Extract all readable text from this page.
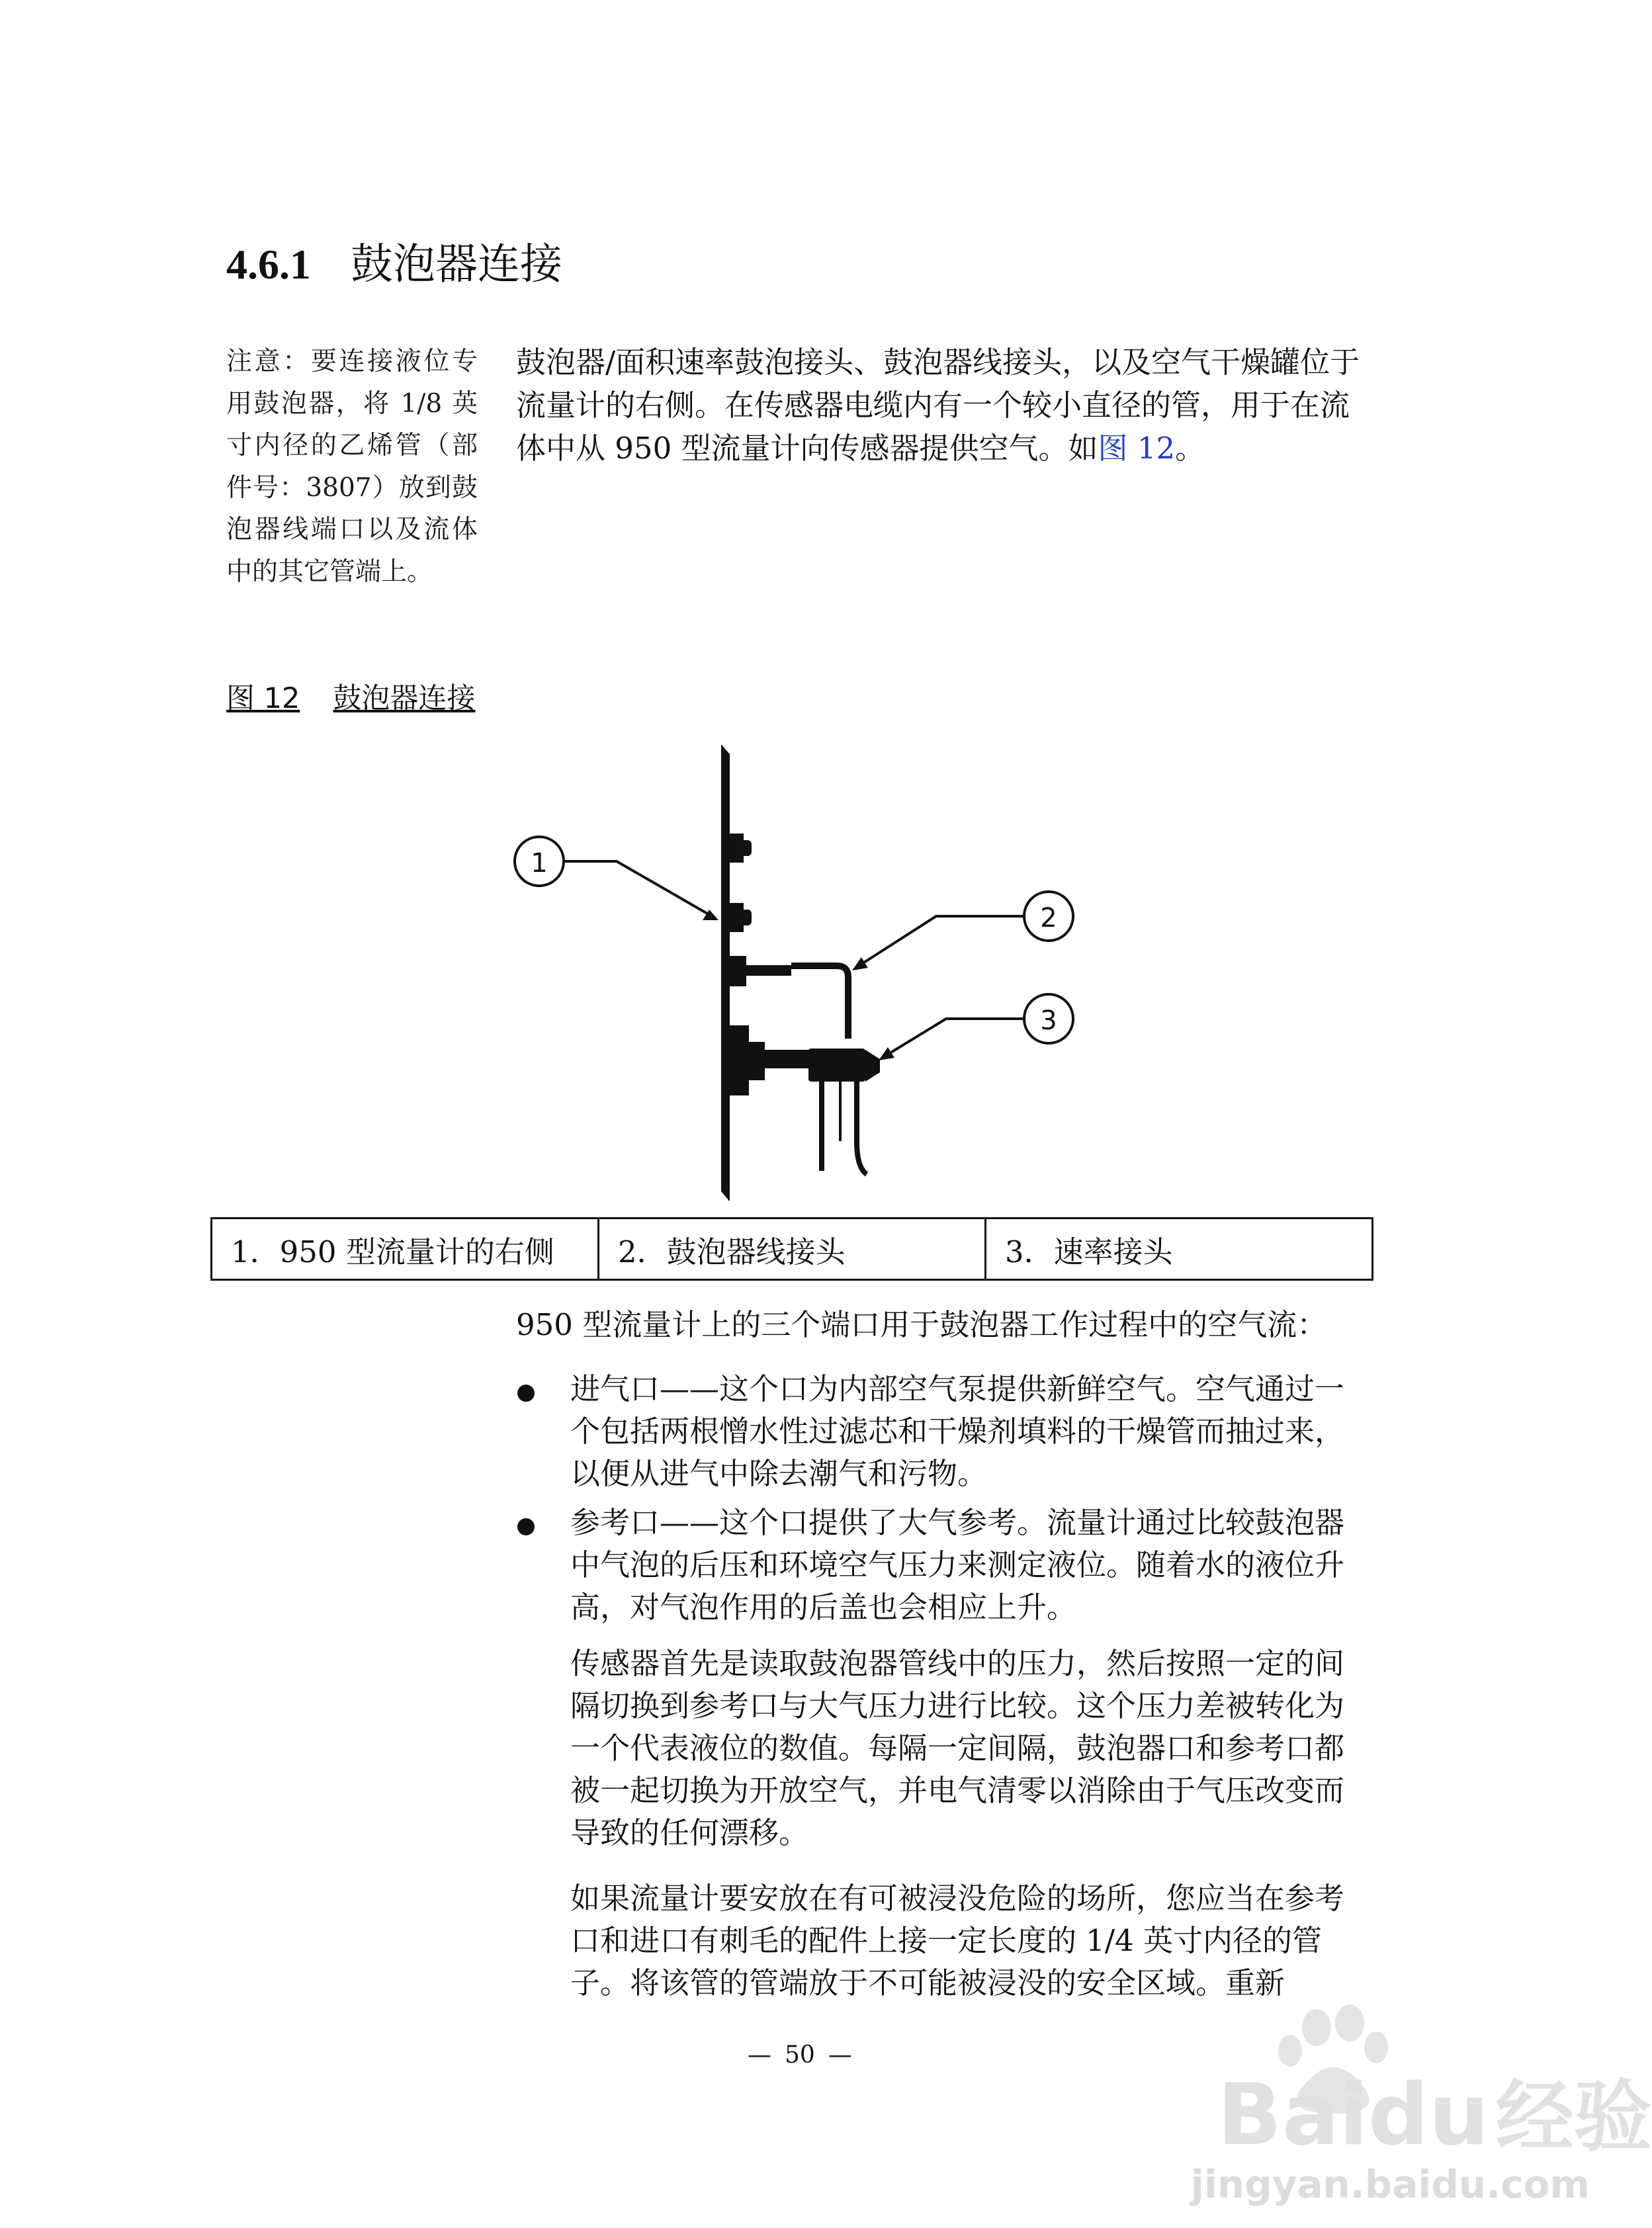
4.6.1 鼓泡器连接
注意：要连接液位专用鼓泡器，将 1/8 英寸内径的乙烯管（部件号：3807）放到鼓泡器线端口以及流体中的其它管端上。
鼓泡器/面积速率鼓泡接头、鼓泡器线接头，以及空气干燥罐位于流量计的右侧。在传感器电缆内有一个较小直径的管，用于在流体中从 950 型流量计向传感器提供空气。如图 12。
图 12 鼓泡器连接
1
2
3
1．950 型流量计的右侧	2．鼓泡器线接头	3．速率接头
950 型流量计上的三个端口用于鼓泡器工作过程中的空气流：
进气口——这个口为内部空气泵提供新鲜空气。空气通过一个包括两根憎水性过滤芯和干燥剂填料的干燥管而抽过来，以便从进气中除去潮气和污物。
参考口——这个口提供了大气参考。流量计通过比较鼓泡器中气泡的后压和环境空气压力来测定液位。随着水的液位升高，对气泡作用的后盖也会相应上升。
传感器首先是读取鼓泡器管线中的压力，然后按照一定的间隔切换到参考口与大气压力进行比较。这个压力差被转化为一个代表液位的数值。每隔一定间隔，鼓泡器口和参考口都被一起切换为开放空气，并电气清零以消除由于气压改变而导致的任何漂移。
如果流量计要安放在有可被浸没危险的场所，您应当在参考口和进口有刺毛的配件上接一定长度的 1/4 英寸内径的管子。将该管的管端放于不可能被浸没的安全区域。重新
— 50 —
Baidu经验
jingyan.baidu.com
